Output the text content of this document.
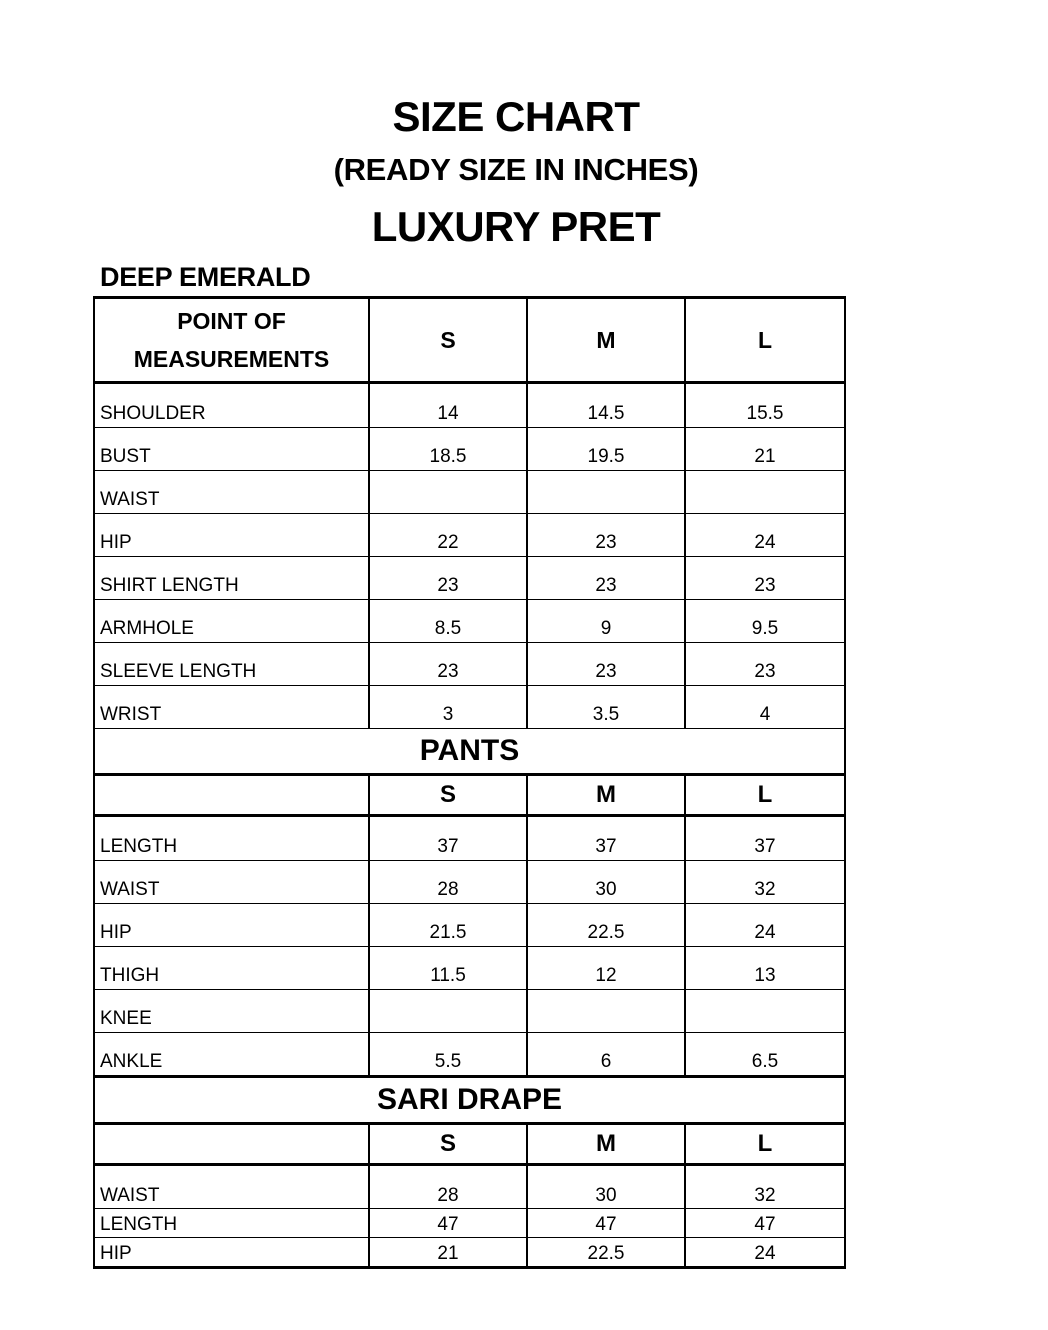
SIZE CHART
(READY SIZE IN INCHES)
LUXURY PRET
DEEP EMERALD
POINT OF
MEASUREMENTS	S	M	L
SHOULDER	14	14.5	15.5
BUST	18.5	19.5	21
WAIST			
HIP	22	23	24
SHIRT LENGTH	23	23	23
ARMHOLE	8.5	9	9.5
SLEEVE LENGTH	23	23	23
WRIST	3	3.5	4
PANTS			
	S	M	L
LENGTH	37	37	37
WAIST	28	30	32
HIP	21.5	22.5	24
THIGH	11.5	12	13
KNEE			
ANKLE	5.5	6	6.5
SARI DRAPE			
	S	M	L
WAIST	28	30	32
LENGTH	47	47	47
HIP	21	22.5	24
